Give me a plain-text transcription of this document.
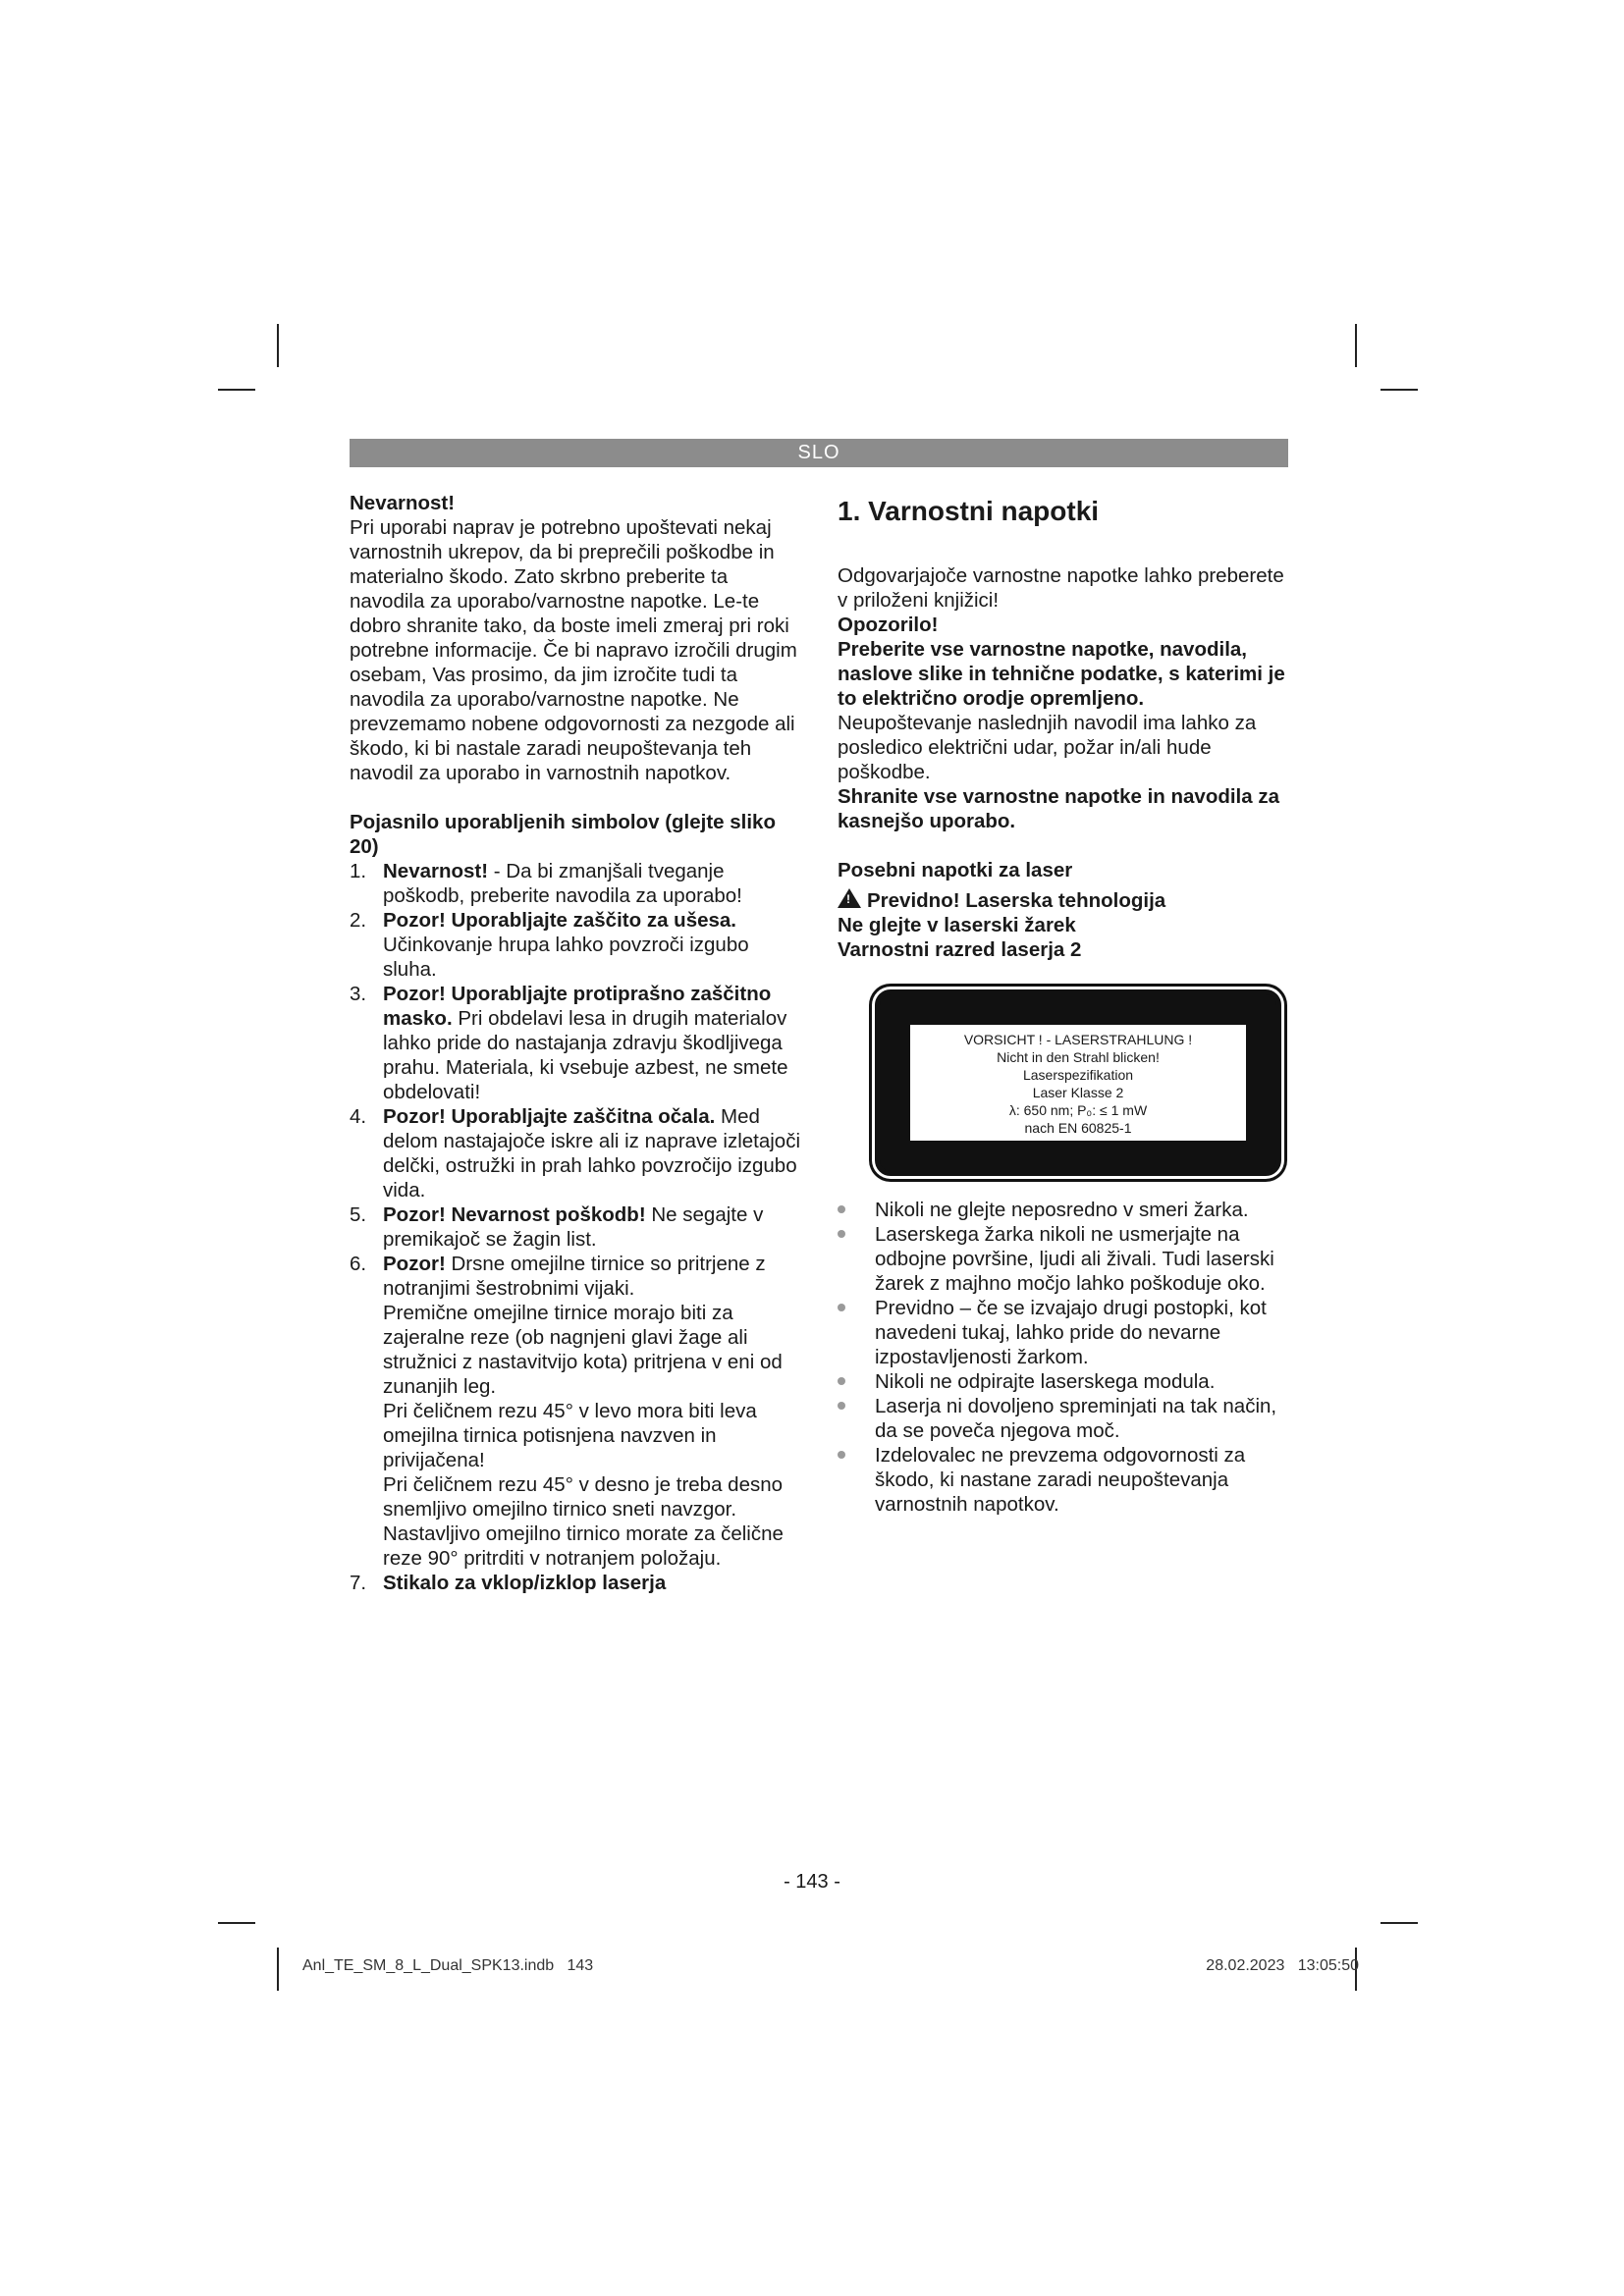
SLO

Nevarnost!

Pri uporabi naprav je potrebno upoštevati nekaj varnostnih ukrepov, da bi preprečili poškodbe in materialno škodo. Zato skrbno preberite ta navodila za uporabo/varnostne napotke. Le-te dobro shranite tako, da boste imeli zmeraj pri roki potrebne informacije. Če bi napravo izročili drugim osebam, Vas prosimo, da jim izročite tudi ta navodila za uporabo/varnostne napotke. Ne prevzemamo nobene odgovornosti za nezgode ali škodo, ki bi nastale zaradi neupoštevanja teh navodil za uporabo in varnostnih napotkov.

Pojasnilo uporabljenih simbolov (glejte sliko 20)

1. Nevarnost! - Da bi zmanjšali tveganje poškodb, preberite navodila za uporabo!
2. Pozor! Uporabljajte zaščito za ušesa. Učinkovanje hrupa lahko povzroči izgubo sluha.
3. Pozor! Uporabljajte protiprašno zaščitno masko. Pri obdelavi lesa in drugih materialov lahko pride do nastajanja zdravju škodljivega prahu. Materiala, ki vsebuje azbest, ne smete obdelovati!
4. Pozor! Uporabljajte zaščitna očala. Med delom nastajajoče iskre ali iz naprave izletajoči delčki, ostružki in prah lahko povzročijo izgubo vida.
5. Pozor! Nevarnost poškodb! Ne segajte v premikajoč se žagin list.
6. Pozor! Drsne omejilne tirnice so pritrjene z notranjimi šestrobnimi vijaki.
Premične omejilne tirnice morajo biti za zajeralne reze (ob nagnjeni glavi žage ali stružnici z nastavitvijo kota) pritrjena v eni od zunanjih leg.
Pri čeličnem rezu 45° v levo mora biti leva omejilna tirnica potisnjena navzven in privijačena!
Pri čeličnem rezu 45° v desno je treba desno snemljivo omejilno tirnico sneti navzgor. Nastavljivo omejilno tirnico morate za čelične reze 90° pritrditi v notranjem položaju.
7. Stikalo za vklop/izklop laserja
1. Varnostni napotki

Odgovarjajoče varnostne napotke lahko preberete v priloženi knjižici!

Opozorilo!

Preberite vse varnostne napotke, navodila, naslove slike in tehnične podatke, s katerimi je to električno orodje opremljeno.

Neupoštevanje naslednjih navodil ima lahko za posledico električni udar, požar in/ali hude poškodbe.

Shranite vse varnostne napotke in navodila za kasnejšo uporabo.

Posebni napotki za laser

!Previdno! Laserska tehnologija

Ne glejte v laserski žarek

Varnostni razred laserja 2

VORSICHT ! - LASERSTRAHLUNG !
Nicht in den Strahl blicken!
Laserspezifikation
Laser Klasse 2
λ: 650 nm; P₀: ≤ 1 mW
nach EN 60825-1
Nikoli ne glejte neposredno v smeri žarka.
Laserskega žarka nikoli ne usmerjajte na odbojne površine, ljudi ali živali. Tudi laserski žarek z majhno močjo lahko poškoduje oko.
Previdno – če se izvajajo drugi postopki, kot navedeni tukaj, lahko pride do nevarne izpostavljenosti žarkom.
Nikoli ne odpirajte laserskega modula.
Laserja ni dovoljeno spreminjati na tak način, da se poveča njegova moč.
Izdelovalec ne prevzema odgovornosti za škodo, ki nastane zaradi neupoštevanja varnostnih napotkov.
- 143 -
Anl_TE_SM_8_L_Dual_SPK13.indb   143	28.02.2023   13:05:50
